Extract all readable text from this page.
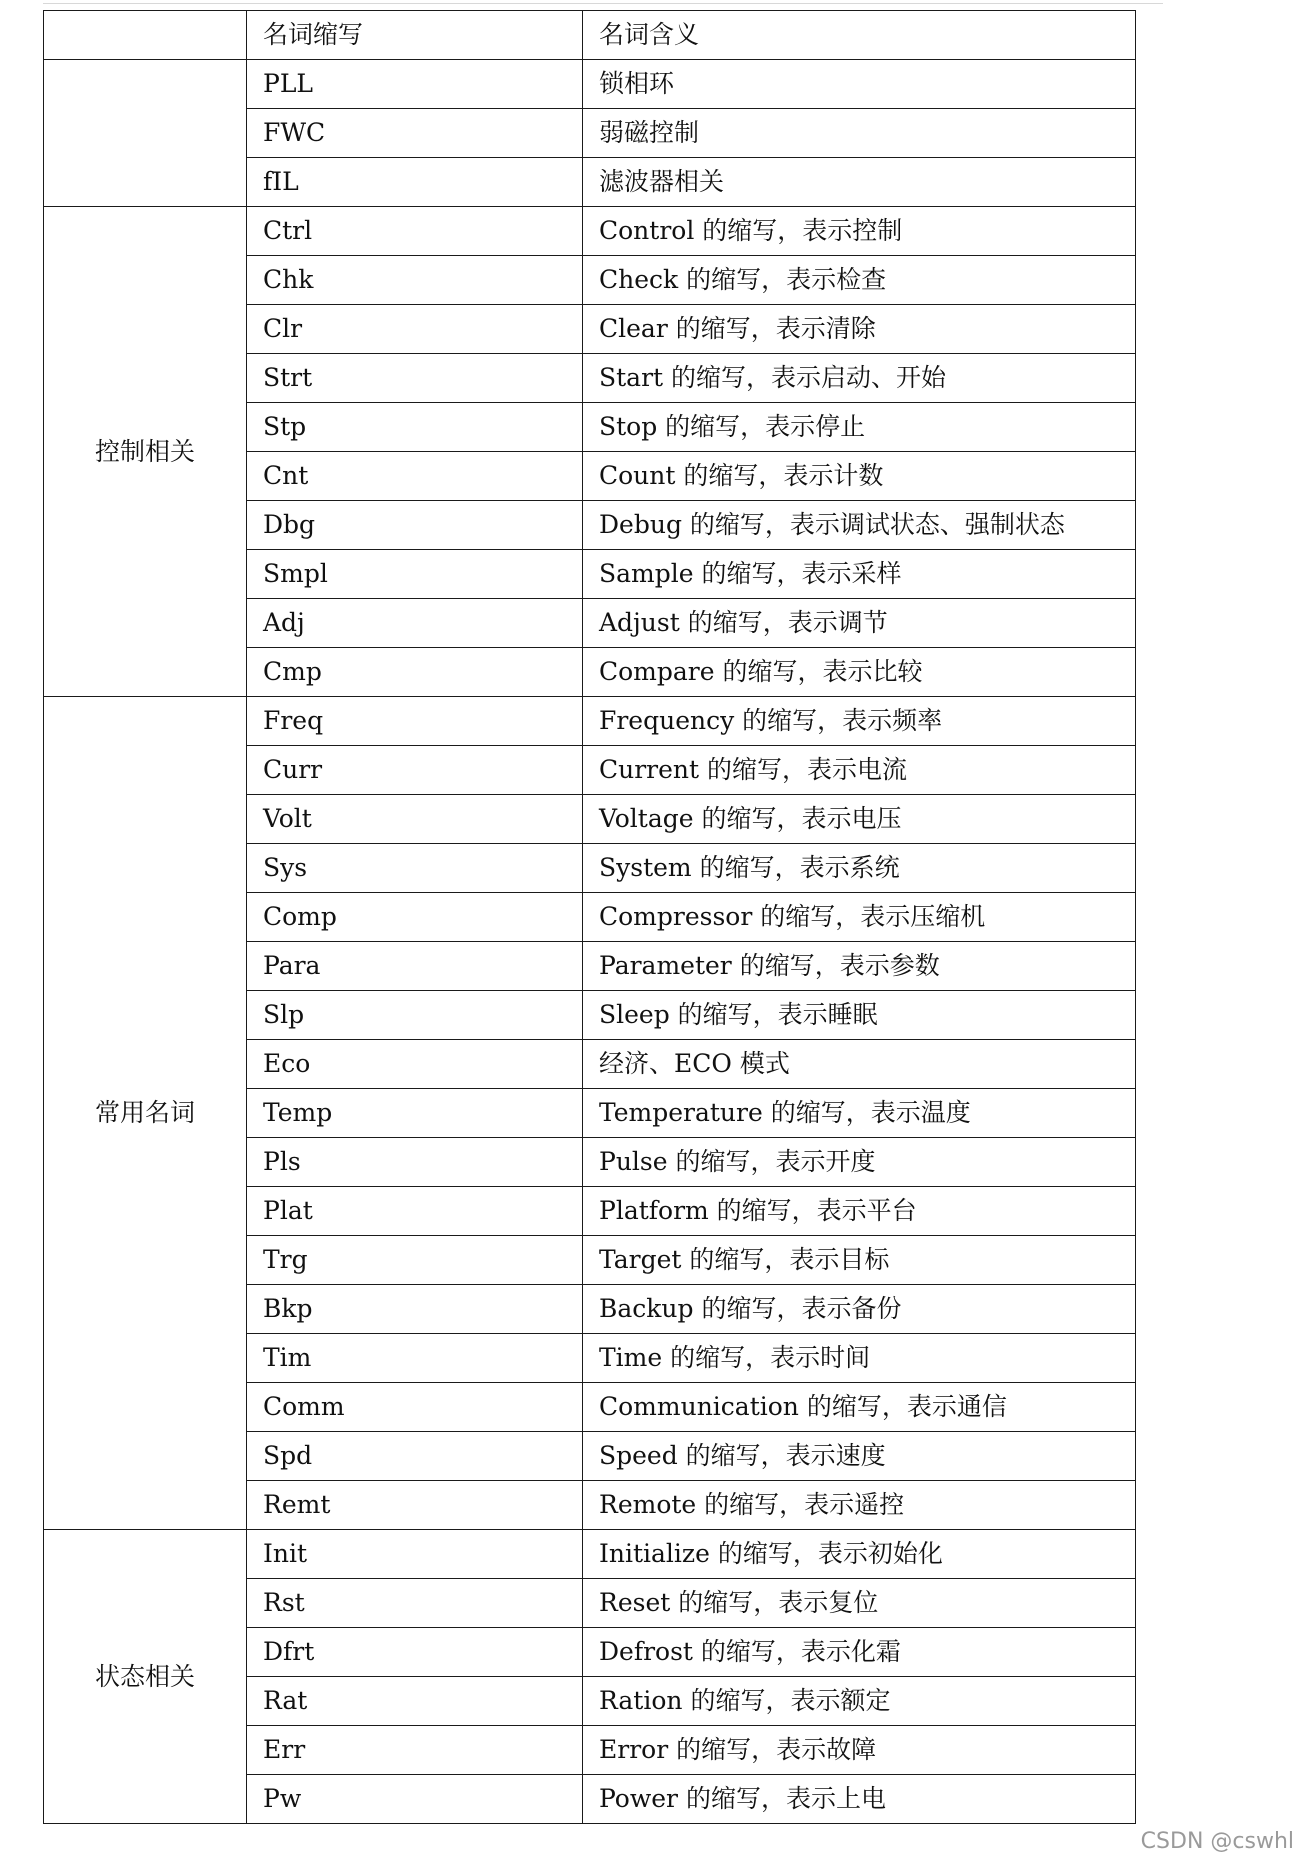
	名词缩写	名词含义
	PLL	锁相环
	FWC	弱磁控制
	fIL	滤波器相关
控制相关	Ctrl	Control 的缩写，表示控制
	Chk	Check 的缩写，表示检查
	Clr	Clear 的缩写，表示清除
	Strt	Start 的缩写，表示启动、开始
	Stp	Stop 的缩写，表示停止
	Cnt	Count 的缩写，表示计数
	Dbg	Debug 的缩写，表示调试状态、强制状态
	Smpl	Sample 的缩写，表示采样
	Adj	Adjust 的缩写，表示调节
	Cmp	Compare 的缩写，表示比较
常用名词	Freq	Frequency 的缩写，表示频率
	Curr	Current 的缩写，表示电流
	Volt	Voltage 的缩写，表示电压
	Sys	System 的缩写，表示系统
	Comp	Compressor 的缩写，表示压缩机
	Para	Parameter 的缩写，表示参数
	Slp	Sleep 的缩写，表示睡眠
	Eco	经济、ECO 模式
	Temp	Temperature 的缩写，表示温度
	Pls	Pulse 的缩写，表示开度
	Plat	Platform 的缩写，表示平台
	Trg	Target 的缩写，表示目标
	Bkp	Backup 的缩写，表示备份
	Tim	Time 的缩写，表示时间
	Comm	Communication 的缩写，表示通信
	Spd	Speed 的缩写，表示速度
	Remt	Remote 的缩写，表示遥控
状态相关	Init	Initialize 的缩写，表示初始化
	Rst	Reset 的缩写，表示复位
	Dfrt	Defrost 的缩写，表示化霜
	Rat	Ration 的缩写，表示额定
	Err	Error 的缩写，表示故障
	Pw	Power 的缩写，表示上电
CSDN @cswhl
